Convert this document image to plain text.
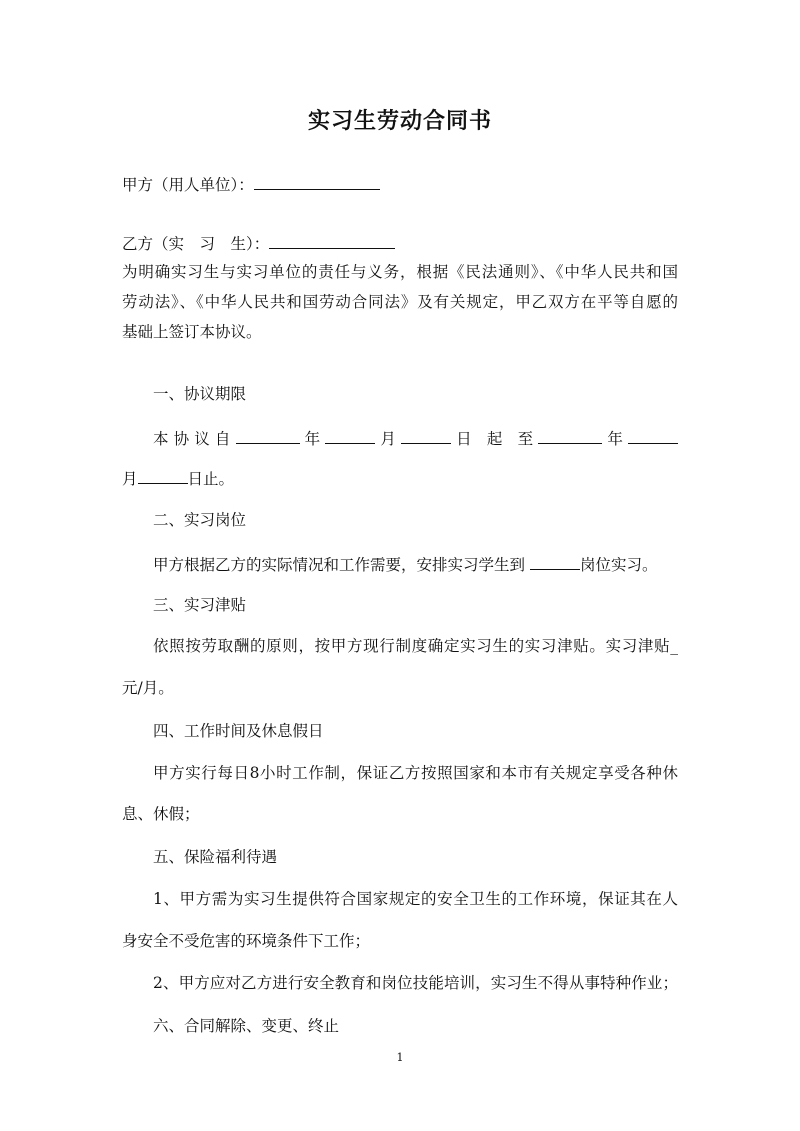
实习生劳动合同书
甲方（用人单位）：
乙方（实　习　生）：
为明确实习生与实习单位的责任与义务，根据《民法通则》、《中华人民共和国
劳动法》、《中华人民共和国劳动合同法》及有关规定，甲乙双方在平等自愿的
基础上签订本协议。
一、协议期限
本协议自	年	月	日 起 至	年
月	日止。
二、实习岗位
甲方根据乙方的实际情况和工作需要，安排实习学生到	岗位实习。
三、实习津贴
依照按劳取酬的原则，按甲方现行制度确定实习生的实习津贴。实习津贴_
元/月。
四、工作时间及休息假日
甲方实行每日8小时工作制，保证乙方按照国家和本市有关规定享受各种休
息、休假；
五、保险福利待遇
1、甲方需为实习生提供符合国家规定的安全卫生的工作环境，保证其在人
身安全不受危害的环境条件下工作；
2、甲方应对乙方进行安全教育和岗位技能培训，实习生不得从事特种作业；
六、合同解除、变更、终止
1
